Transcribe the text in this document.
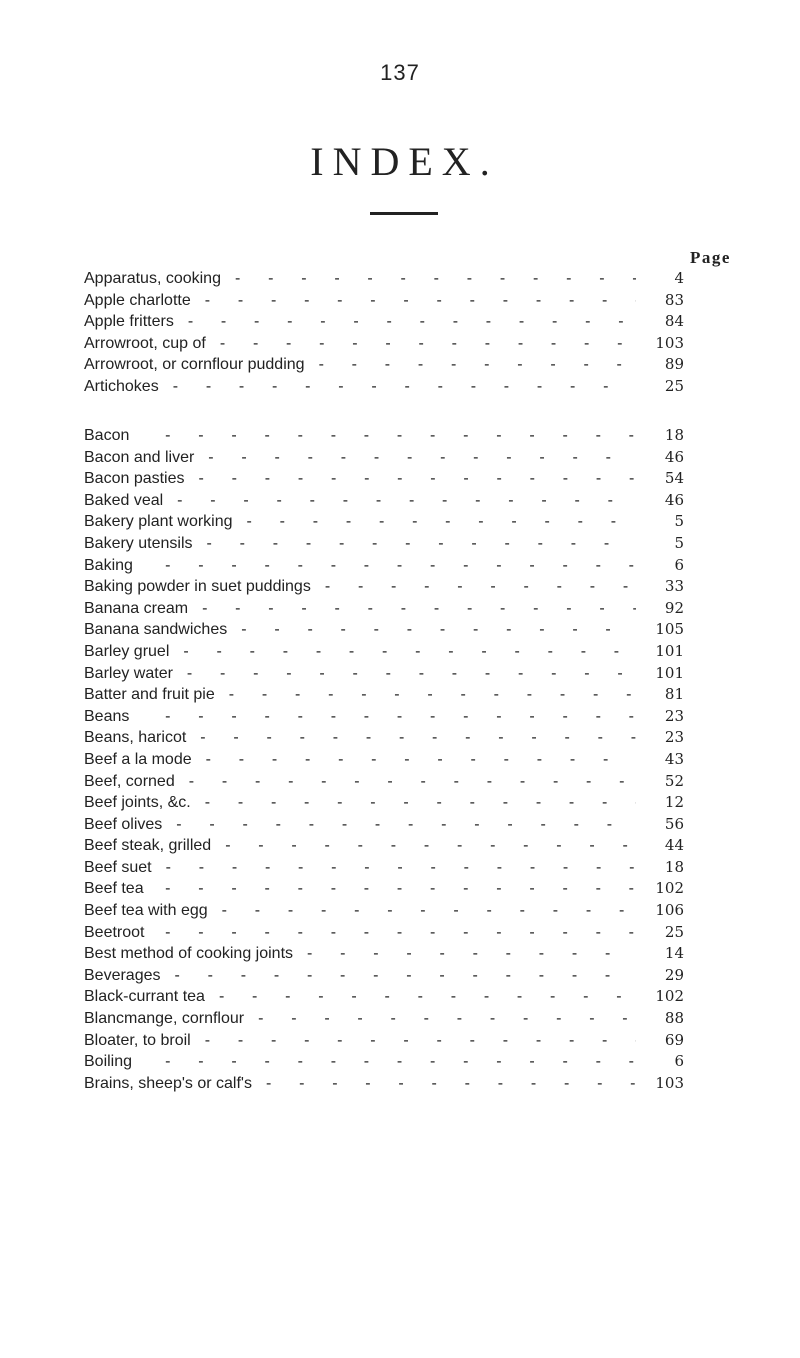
137
INDEX.
Page
Apparatus, cooking -	4
Apple charlotte -	83
Apple fritters -	84
Arrowroot, cup of -	103
Arrowroot, or cornflour pudding -	89
Artichokes -	25
Bacon -	18
Bacon and liver -	46
Bacon pasties -	54
Baked veal -	46
Bakery plant working -	5
Bakery utensils -	5
Baking -	6
Baking powder in suet puddings -	33
Banana cream -	92
Banana sandwiches -	105
Barley gruel -	101
Barley water -	101
Batter and fruit pie -	81
Beans -	23
Beans, haricot -	23
Beef a la mode -	43
Beef, corned -	52
Beef joints, &c. -	12
Beef olives -	56
Beef steak, grilled -	44
Beef suet -	18
Beef tea -	102
Beef tea with egg -	106
Beetroot -	25
Best method of cooking joints -	14
Beverages -	29
Black-currant tea -	102
Blancmange, cornflour -	88
Bloater, to broil -	69
Boiling -	6
Brains, sheep's or calf's -	103
